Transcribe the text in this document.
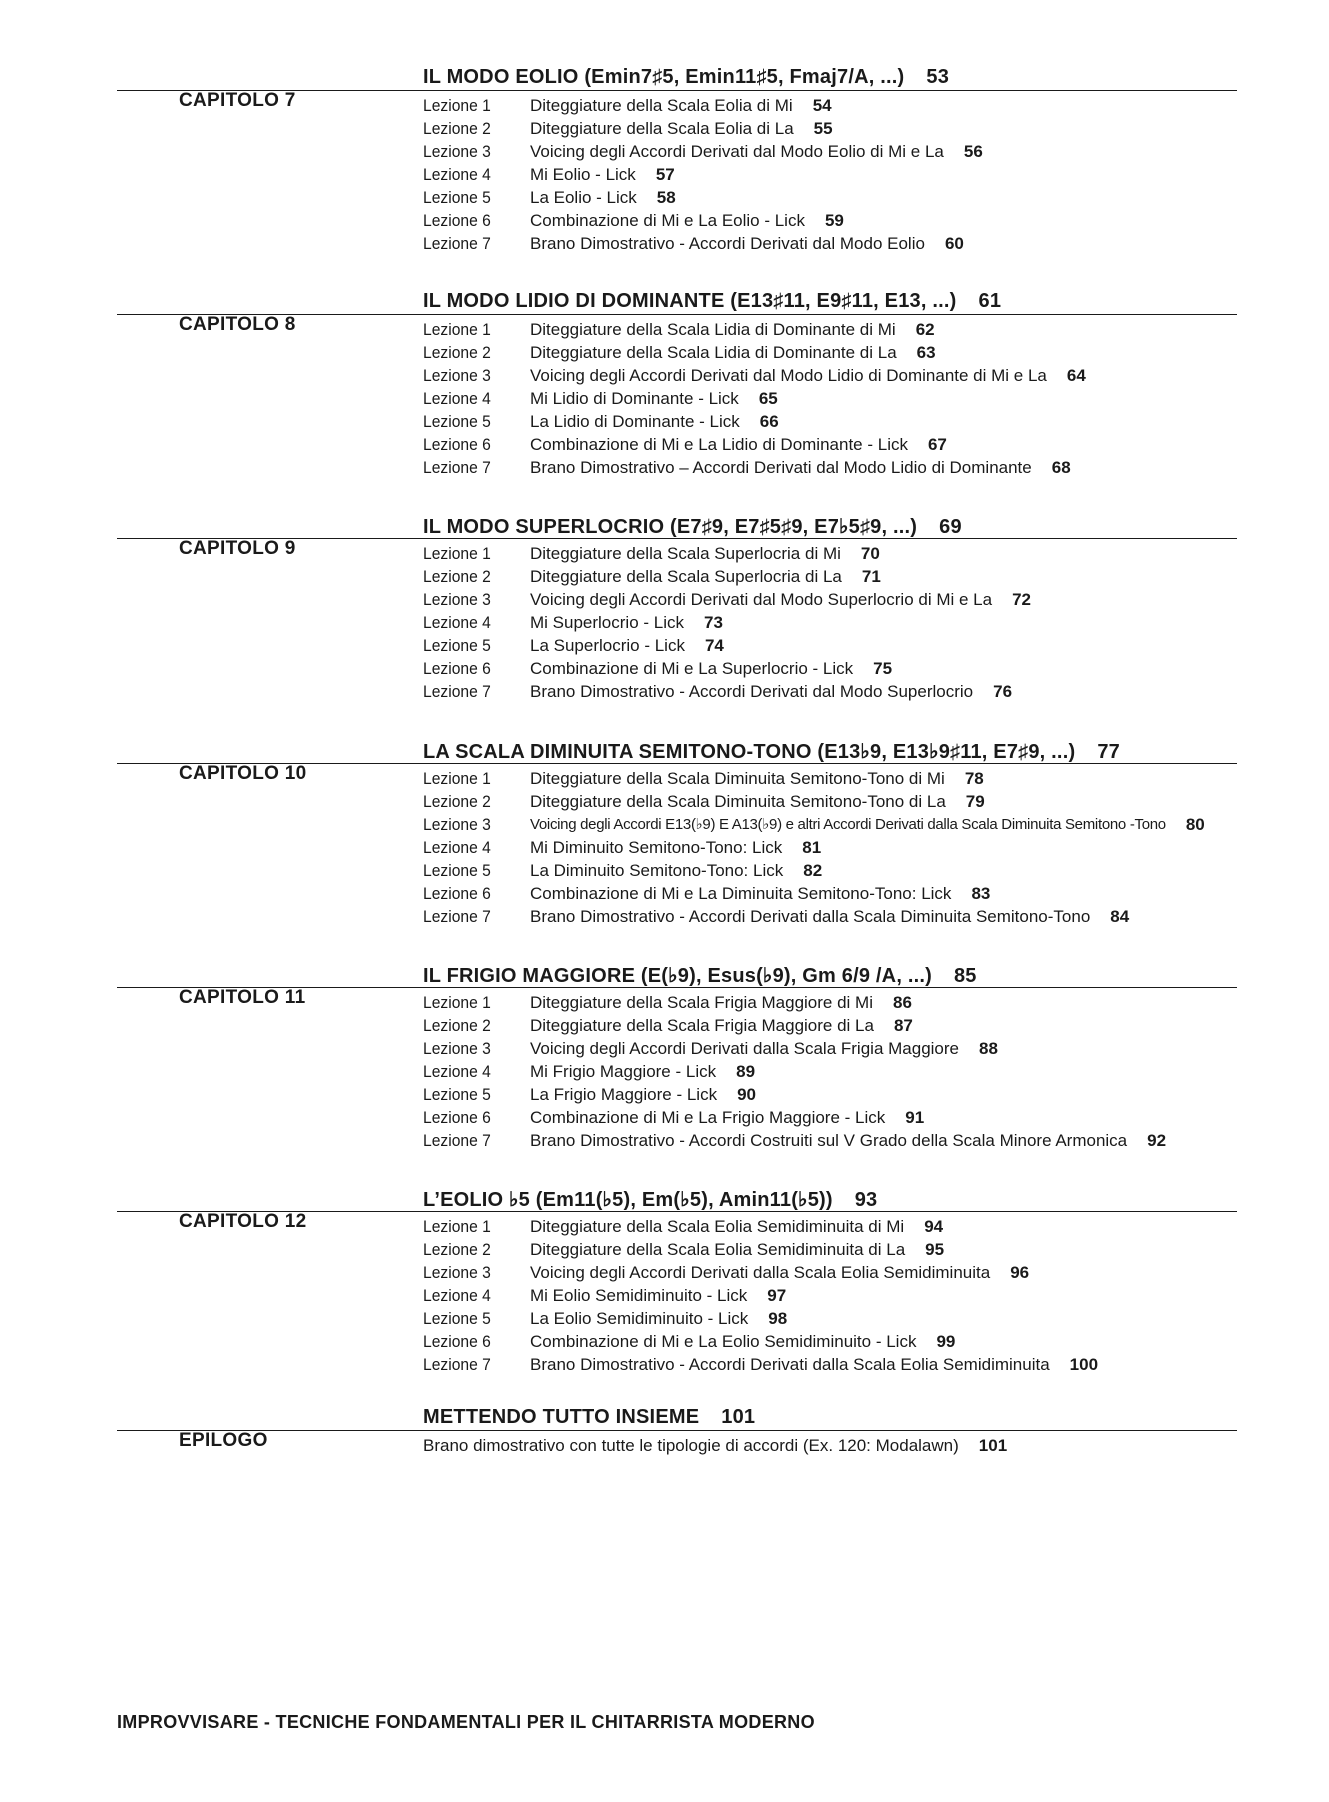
CAPITOLO 7
IL MODO EOLIO (Emin7♯5, Emin11♯5, Fmaj7/A, ...) 53
Lezione 1	Diteggiature della Scala Eolia di Mi 54
Lezione 2	Diteggiature della Scala Eolia di La 55
Lezione 3	Voicing degli Accordi Derivati dal Modo Eolio di Mi e La 56
Lezione 4	Mi Eolio - Lick 57
Lezione 5	La Eolio - Lick 58
Lezione 6	Combinazione di Mi e La Eolio - Lick 59
Lezione 7	Brano Dimostrativo - Accordi Derivati dal Modo Eolio 60
CAPITOLO 8
IL MODO LIDIO DI DOMINANTE (E13♯11, E9♯11, E13, ...) 61
Lezione 1	Diteggiature della Scala Lidia di Dominante di Mi 62
Lezione 2	Diteggiature della Scala Lidia di Dominante di La 63
Lezione 3	Voicing degli Accordi Derivati dal Modo Lidio di Dominante di Mi e La 64
Lezione 4	Mi Lidio di Dominante - Lick 65
Lezione 5	La Lidio di Dominante - Lick 66
Lezione 6	Combinazione di Mi e La Lidio di Dominante - Lick 67
Lezione 7	Brano Dimostrativo – Accordi Derivati dal Modo Lidio di Dominante 68
CAPITOLO 9
IL MODO SUPERLOCRIO (E7♯9, E7♯5♯9, E7♭5♯9, ...) 69
Lezione 1	Diteggiature della Scala Superlocria di Mi 70
Lezione 2	Diteggiature della Scala Superlocria di La 71
Lezione 3	Voicing degli Accordi Derivati dal Modo Superlocrio di Mi e La 72
Lezione 4	Mi Superlocrio - Lick 73
Lezione 5	La Superlocrio - Lick 74
Lezione 6	Combinazione di Mi e La Superlocrio - Lick 75
Lezione 7	Brano Dimostrativo - Accordi Derivati dal Modo Superlocrio 76
CAPITOLO 10
LA SCALA DIMINUITA SEMITONO-TONO (E13♭9, E13♭9♯11, E7♯9, ...) 77
Lezione 1	Diteggiature della Scala Diminuita Semitono-Tono di Mi 78
Lezione 2	Diteggiature della Scala Diminuita Semitono-Tono di La 79
Lezione 3	Voicing degli Accordi E13(♭9) E A13(♭9) e altri Accordi Derivati dalla Scala Diminuita Semitono -Tono 80
Lezione 4	Mi Diminuito Semitono-Tono: Lick 81
Lezione 5	La Diminuito Semitono-Tono: Lick 82
Lezione 6	Combinazione di Mi e La Diminuita Semitono-Tono: Lick 83
Lezione 7	Brano Dimostrativo - Accordi Derivati dalla Scala Diminuita Semitono-Tono 84
CAPITOLO 11
IL FRIGIO MAGGIORE (E(♭9), Esus(♭9), Gm 6/9 /A, ...) 85
Lezione 1	Diteggiature della Scala Frigia Maggiore di Mi 86
Lezione 2	Diteggiature della Scala Frigia Maggiore di La 87
Lezione 3	Voicing degli Accordi Derivati dalla Scala Frigia Maggiore 88
Lezione 4	Mi Frigio Maggiore - Lick 89
Lezione 5	La Frigio Maggiore - Lick 90
Lezione 6	Combinazione di Mi e La Frigio Maggiore - Lick 91
Lezione 7	Brano Dimostrativo - Accordi Costruiti sul V Grado della Scala Minore Armonica 92
CAPITOLO 12
L’EOLIO ♭5 (Em11(♭5), Em(♭5), Amin11(♭5)) 93
Lezione 1	Diteggiature della Scala Eolia Semidiminuita di Mi 94
Lezione 2	Diteggiature della Scala Eolia Semidiminuita di La 95
Lezione 3	Voicing degli Accordi Derivati dalla Scala Eolia Semidiminuita 96
Lezione 4	Mi Eolio Semidiminuito - Lick 97
Lezione 5	La Eolio Semidiminuito - Lick 98
Lezione 6	Combinazione di Mi e La Eolio Semidiminuito - Lick 99
Lezione 7	Brano Dimostrativo - Accordi Derivati dalla Scala Eolia Semidiminuita 100
EPILOGO
METTENDO TUTTO INSIEME 101
Brano dimostrativo con tutte le tipologie di accordi (Ex. 120: Modalawn) 101
IMPROVVISARE - TECNICHE FONDAMENTALI PER IL CHITARRISTA MODERNO
